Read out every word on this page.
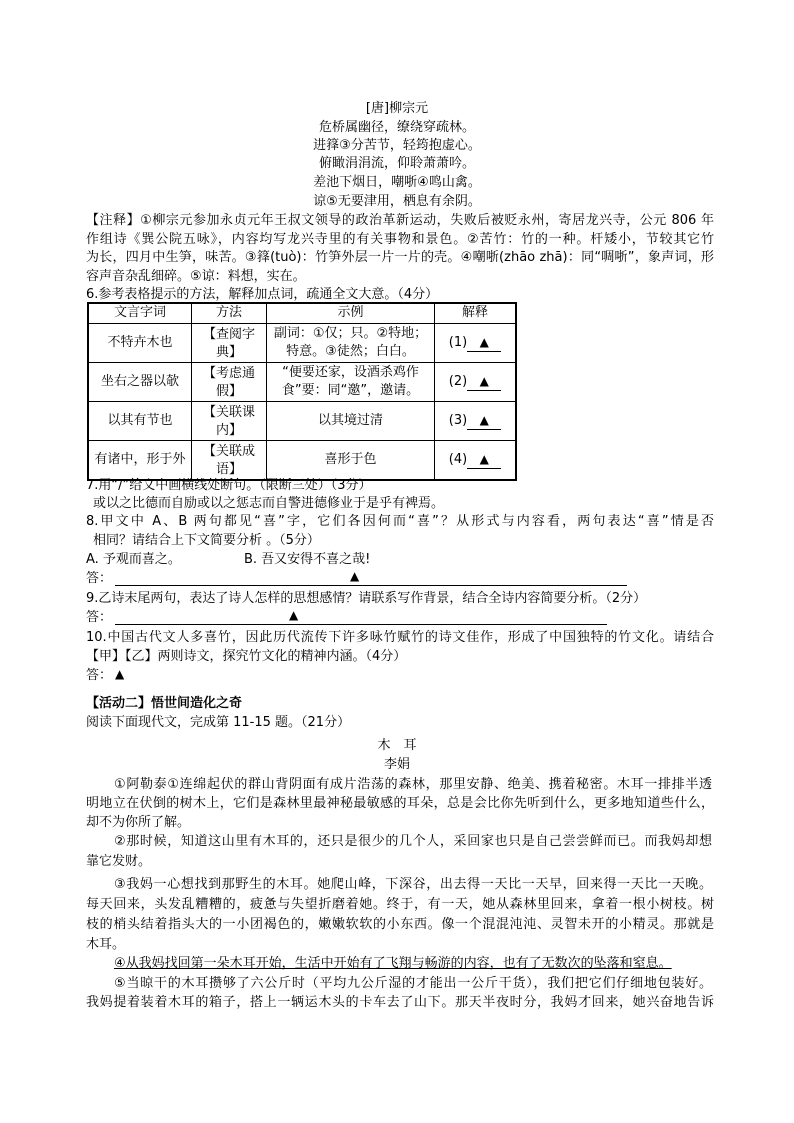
[唐]柳宗元
危桥属幽径，缭绕穿疏林。
进箨③分苦节，轻筠抱虚心。
俯瞰涓涓流，仰聆萧萧吟。
差池下烟日，嘲哳④鸣山禽。
谅⑤无要津用，栖息有余阴。
【注释】①柳宗元参加永贞元年王叔文领导的政治革新运动，失败后被贬永州，寄居龙兴寺，公元 806 年
作组诗《巽公院五咏》，内容均写龙兴寺里的有关事物和景色。②苦竹：竹的一种。杆矮小，节较其它竹
为长，四月中生笋，味苦。③箨(tuò)：竹笋外层一片一片的壳。④嘲哳(zhāo zhā)：同“啁哳”，象声词，形
容声音杂乱细碎。⑤谅：料想，实在。
6.参考表格提示的方法，解释加点词，疏通全文大意。（4分）
文言字词	方法	示例	解释
不特卉木也	【查阅字典】	副词：①仅；只。②特地；特意。③徒然；白白。	(1) ▲
坐右之器以欹	【考虑通假】	“便要还家，设酒杀鸡作食”要：同“邀”，邀请。	(2) ▲
以其有节也	【关联课内】	以其境过清	(3) ▲
有诸中，形于外	【关联成语】	喜形于色	(4) ▲
7.用“/”给文中画横线处断句。（限断三处）（3分）
或以之比德而自励或以之惩志而自警进德修业于是乎有裨焉。
8.甲文中 A、B 两句都见“喜”字，它们各因何而“喜”？从形式与内容看，两句表达“喜”情是否
相同？请结合上下文简要分析 。（5分）
A. 予观而喜之。	B. 吾又安得不喜之哉!
答：	▲
9.乙诗末尾两句，表达了诗人怎样的思想感情？请联系写作背景，结合全诗内容简要分析。（2分）
答：	▲
10.中国古代文人多喜竹，因此历代流传下许多咏竹赋竹的诗文佳作，形成了中国独特的竹文化。请结合
【甲】【乙】两则诗文，探究竹文化的精神内涵。（4分）
答： ▲
【活动二】悟世间造化之奇
阅读下面现代文，完成第 11-15 题。（21分）
木　耳
李娟
①阿勒泰①连绵起伏的群山背阴面有成片浩荡的森林，那里安静、绝美、携着秘密。木耳一排排半透
明地立在伏倒的树木上，它们是森林里最神秘最敏感的耳朵，总是会比你先听到什么，更多地知道些什么，
却不为你所了解。
②那时候，知道这山里有木耳的，还只是很少的几个人，采回家也只是自己尝尝鲜而已。而我妈却想
靠它发财。
③我妈一心想找到那野生的木耳。她爬山峰，下深谷，出去得一天比一天早，回来得一天比一天晚。
每天回来，头发乱糟糟的，疲惫与失望折磨着她。终于，有一天，她从森林里回来，拿着一根小树枝。树
枝的梢头结着指头大的一小团褐色的，嫩嫩软软的小东西。像一个混混沌沌、灵智未开的小精灵。那就是
木耳。
④从我妈找回第一朵木耳开始，生活中开始有了飞翔与畅游的内容，也有了无数次的坠落和窒息。
⑤当晾干的木耳攒够了六公斤时（平均九公斤湿的才能出一公斤干货），我们把它们仔细地包装好。
我妈提着装着木耳的箱子，搭上一辆运木头的卡车去了山下。那天半夜时分，我妈才回来，她兴奋地告诉
